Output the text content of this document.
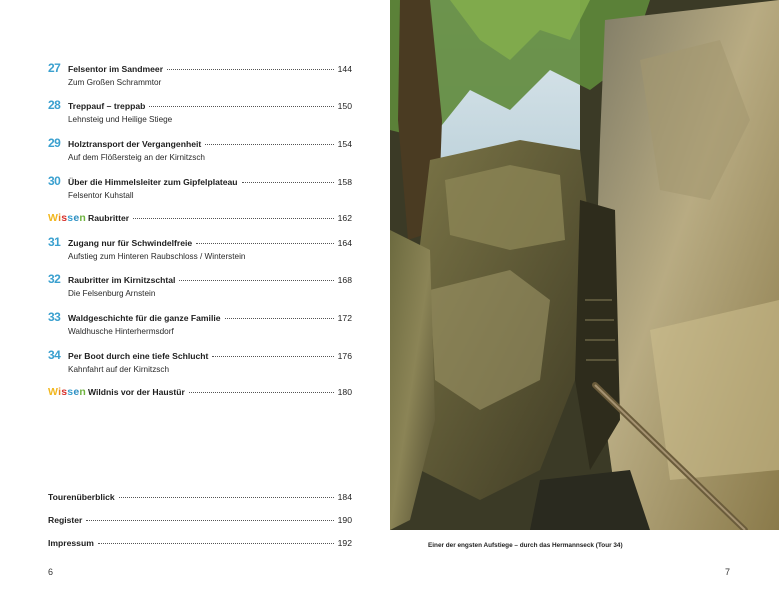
27 Felsentor im Sandmeer	144
Zum Großen Schrammtor
28 Treppauf – treppab	150
Lehnsteig und Heilige Stiege
29 Holztransport der Vergangenheit	154
Auf dem Flößersteig an der Kirnitzsch
30 Über die Himmelsleiter zum Gipfelplateau	158
Felsentor Kuhstall
W i s s e n Raubritter	162
31 Zugang nur für Schwindelfreie	164
Aufstieg zum Hinteren Raubschloss / Winterstein
32 Raubritter im Kirnitzschtal	168
Die Felsenburg Arnstein
33 Waldgeschichte für die ganze Familie	172
Waldhusche Hinterhermsdorf
34 Per Boot durch eine tiefe Schlucht	176
Kahnfahrt auf der Kirnitzsch
W i s s e n Wildnis vor der Haustür	180
Tourenüberblick	184
Register	190
Impressum	192
6
Einer der engsten Aufstiege – durch das Hermannseck (Tour 34)
7
